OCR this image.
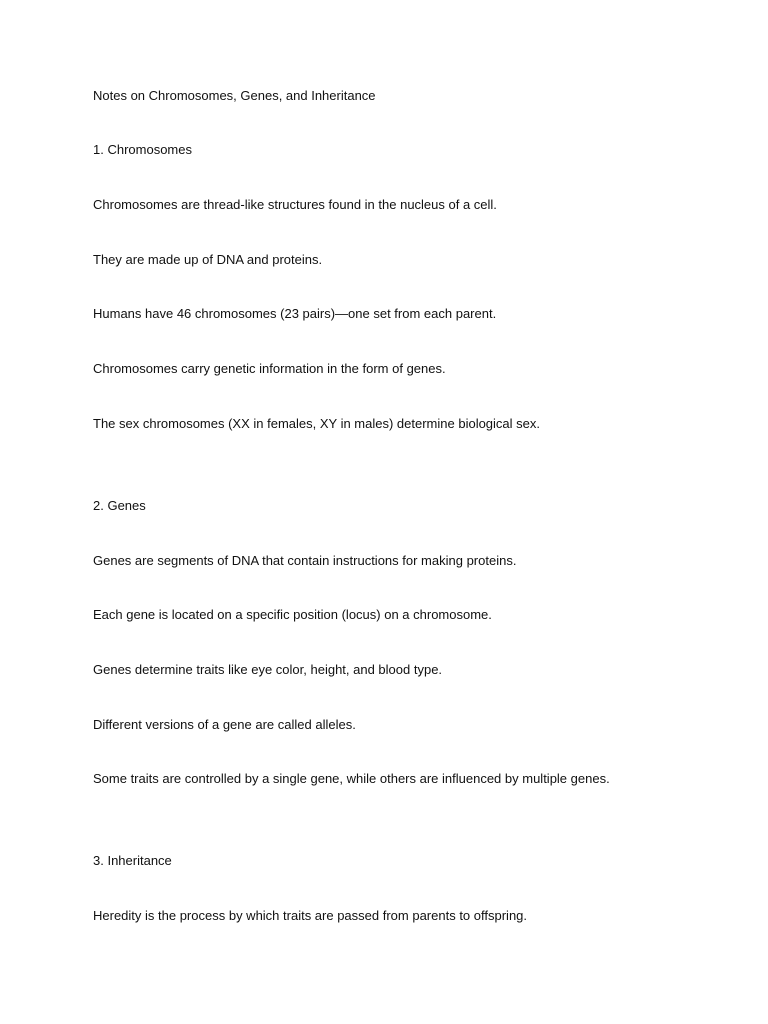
Notes on Chromosomes, Genes, and Inheritance
1. Chromosomes
Chromosomes are thread-like structures found in the nucleus of a cell.
They are made up of DNA and proteins.
Humans have 46 chromosomes (23 pairs)—one set from each parent.
Chromosomes carry genetic information in the form of genes.
The sex chromosomes (XX in females, XY in males) determine biological sex.
2. Genes
Genes are segments of DNA that contain instructions for making proteins.
Each gene is located on a specific position (locus) on a chromosome.
Genes determine traits like eye color, height, and blood type.
Different versions of a gene are called alleles.
Some traits are controlled by a single gene, while others are influenced by multiple genes.
3. Inheritance
Heredity is the process by which traits are passed from parents to offspring.
